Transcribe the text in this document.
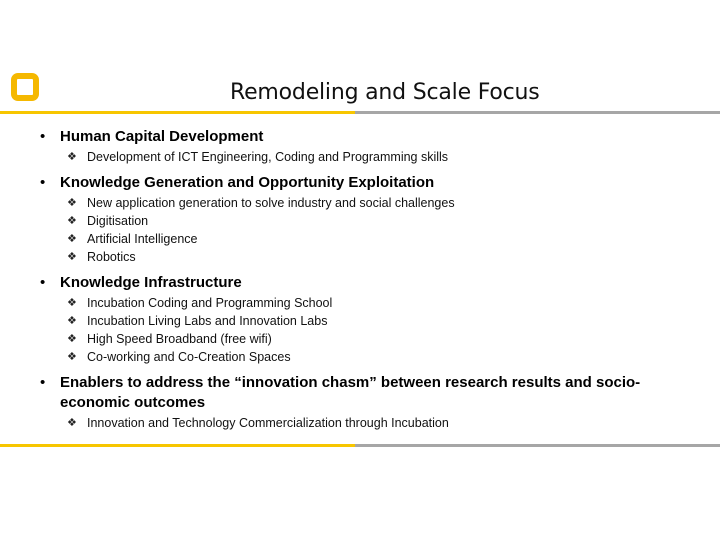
Remodeling and Scale Focus
• Human Capital Development
❖ Development of ICT Engineering, Coding and Programming skills
• Knowledge Generation and Opportunity Exploitation
❖ New application generation to solve industry and social challenges
❖ Digitisation
❖ Artificial Intelligence
❖ Robotics
• Knowledge Infrastructure
❖ Incubation Coding and Programming School
❖ Incubation Living Labs and Innovation Labs
❖ High Speed Broadband (free wifi)
❖ Co-working and Co-Creation Spaces
• Enablers to address the “innovation chasm” between research results and socio-economic outcomes
❖ Innovation and Technology Commercialization through Incubation
